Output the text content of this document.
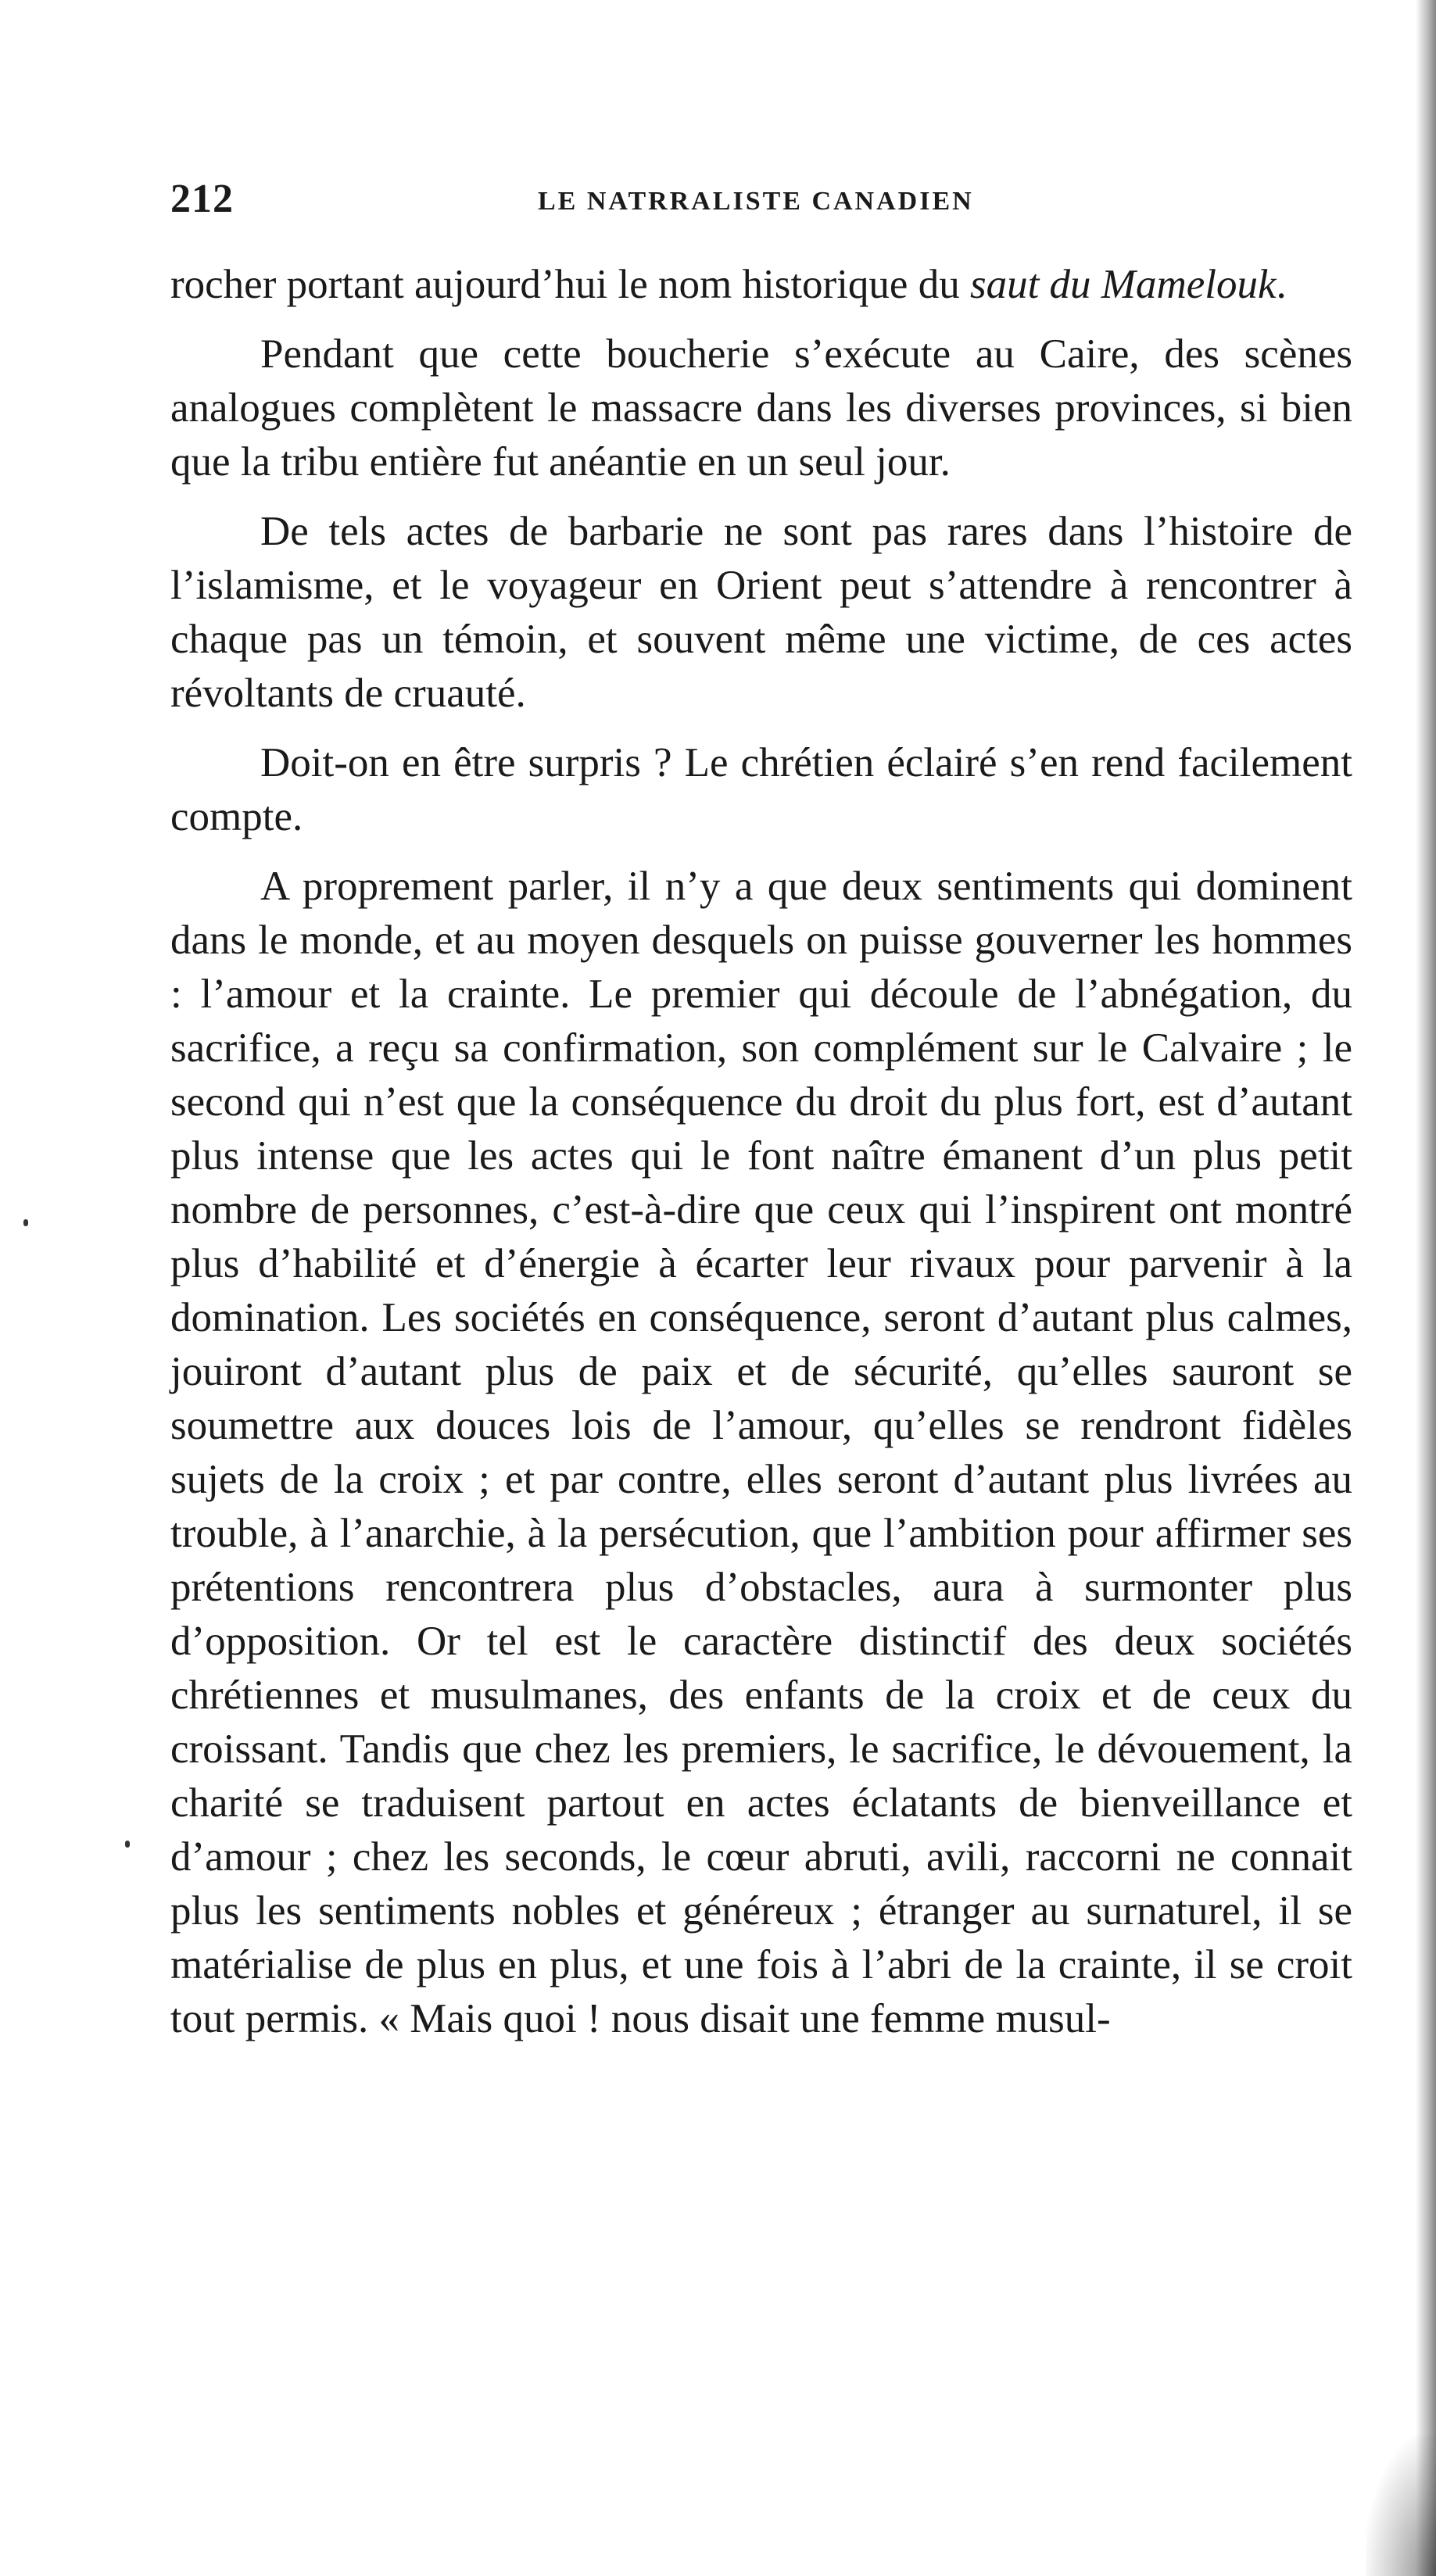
212	LE NATRRALISTE CANADIEN

rocher portant aujourd’hui le nom historique du saut du Mamelouk.

Pendant que cette boucherie s’exécute au Caire, des scènes analogues complètent le massacre dans les diverses provinces, si bien que la tribu entière fut anéantie en un seul jour.

De tels actes de barbarie ne sont pas rares dans l’histoire de l’islamisme, et le voyageur en Orient peut s’attendre à rencontrer à chaque pas un témoin, et souvent même une victime, de ces actes révoltants de cruauté.

Doit-on en être surpris ? Le chrétien éclairé s’en rend facilement compte.

A proprement parler, il n’y a que deux sentiments qui dominent dans le monde, et au moyen desquels on puisse gouverner les hommes : l’amour et la crainte. Le premier qui découle de l’abnégation, du sacrifice, a reçu sa confirmation, son complément sur le Calvaire ; le second qui n’est que la conséquence du droit du plus fort, est d’autant plus intense que les actes qui le font naître émanent d’un plus petit nombre de personnes, c’est-à-dire que ceux qui l’inspirent ont montré plus d’habilité et d’énergie à écarter leur rivaux pour parvenir à la domination. Les sociétés en conséquence, seront d’autant plus calmes, jouiront d’autant plus de paix et de sécurité, qu’elles sauront se soumettre aux douces lois de l’amour, qu’elles se rendront fidèles sujets de la croix ; et par contre, elles seront d’autant plus livrées au trouble, à l’anarchie, à la persécution, que l’ambition pour affirmer ses prétentions rencontrera plus d’obstacles, aura à surmonter plus d’opposition. Or tel est le caractère distinctif des deux sociétés chrétiennes et musulmanes, des enfants de la croix et de ceux du croissant. Tandis que chez les premiers, le sacrifice, le dévouement, la charité se traduisent partout en actes éclatants de bienveillance et d’amour ; chez les seconds, le cœur abruti, avili, raccorni ne connait plus les sentiments nobles et généreux ; étranger au surnaturel, il se matérialise de plus en plus, et une fois à l’abri de la crainte, il se croit tout permis. « Mais quoi ! nous disait une femme musul-
